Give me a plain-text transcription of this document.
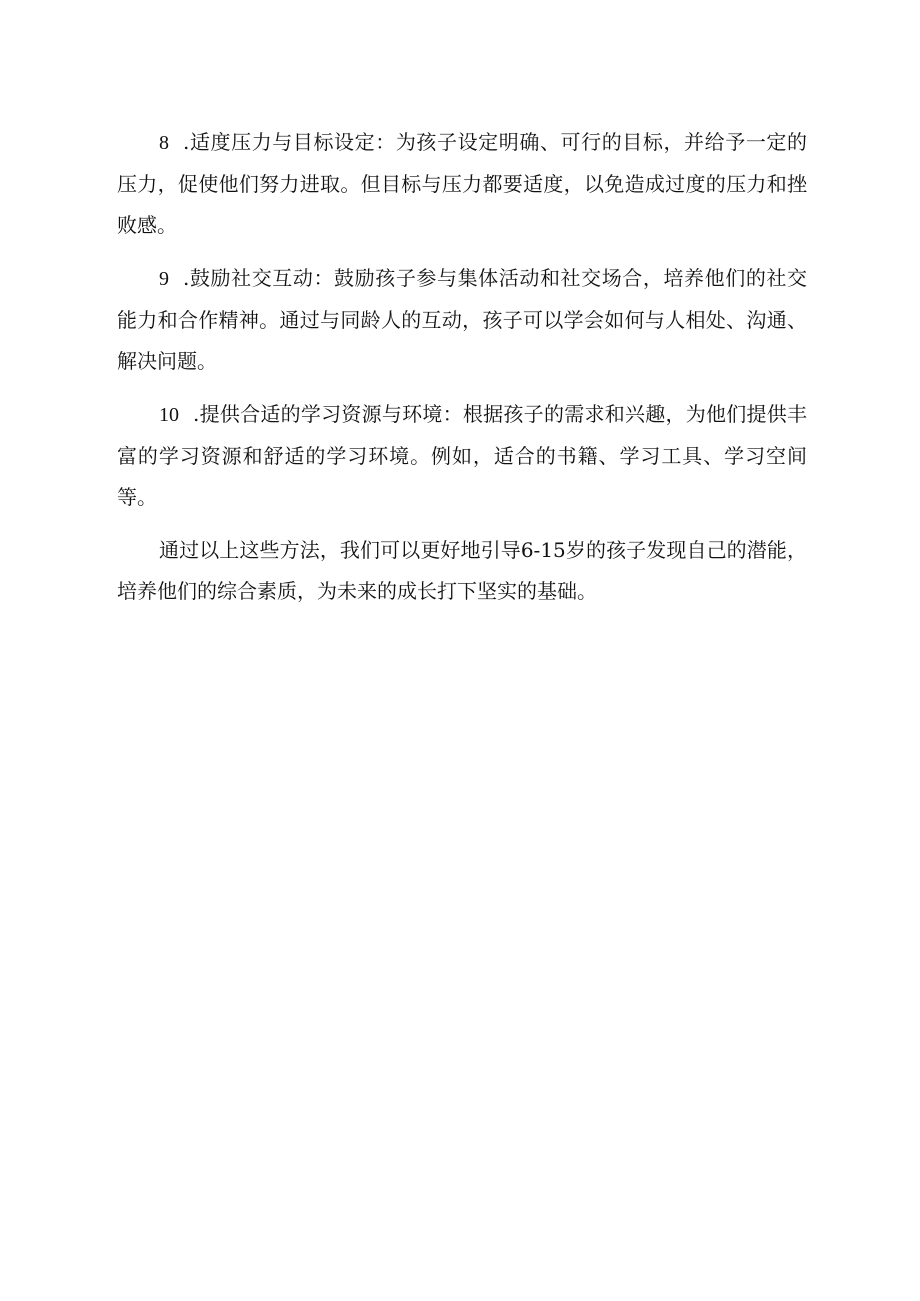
8 .适度压力与目标设定：为孩子设定明确、可行的目标，并给予一定的压力，促使他们努力进取。但目标与压力都要适度，以免造成过度的压力和挫败感。

9 .鼓励社交互动：鼓励孩子参与集体活动和社交场合，培养他们的社交能力和合作精神。通过与同龄人的互动，孩子可以学会如何与人相处、沟通、解决问题。

10 .提供合适的学习资源与环境：根据孩子的需求和兴趣，为他们提供丰富的学习资源和舒适的学习环境。例如，适合的书籍、学习工具、学习空间等。

通过以上这些方法，我们可以更好地引导6-15岁的孩子发现自己的潜能，培养他们的综合素质，为未来的成长打下坚实的基础。
